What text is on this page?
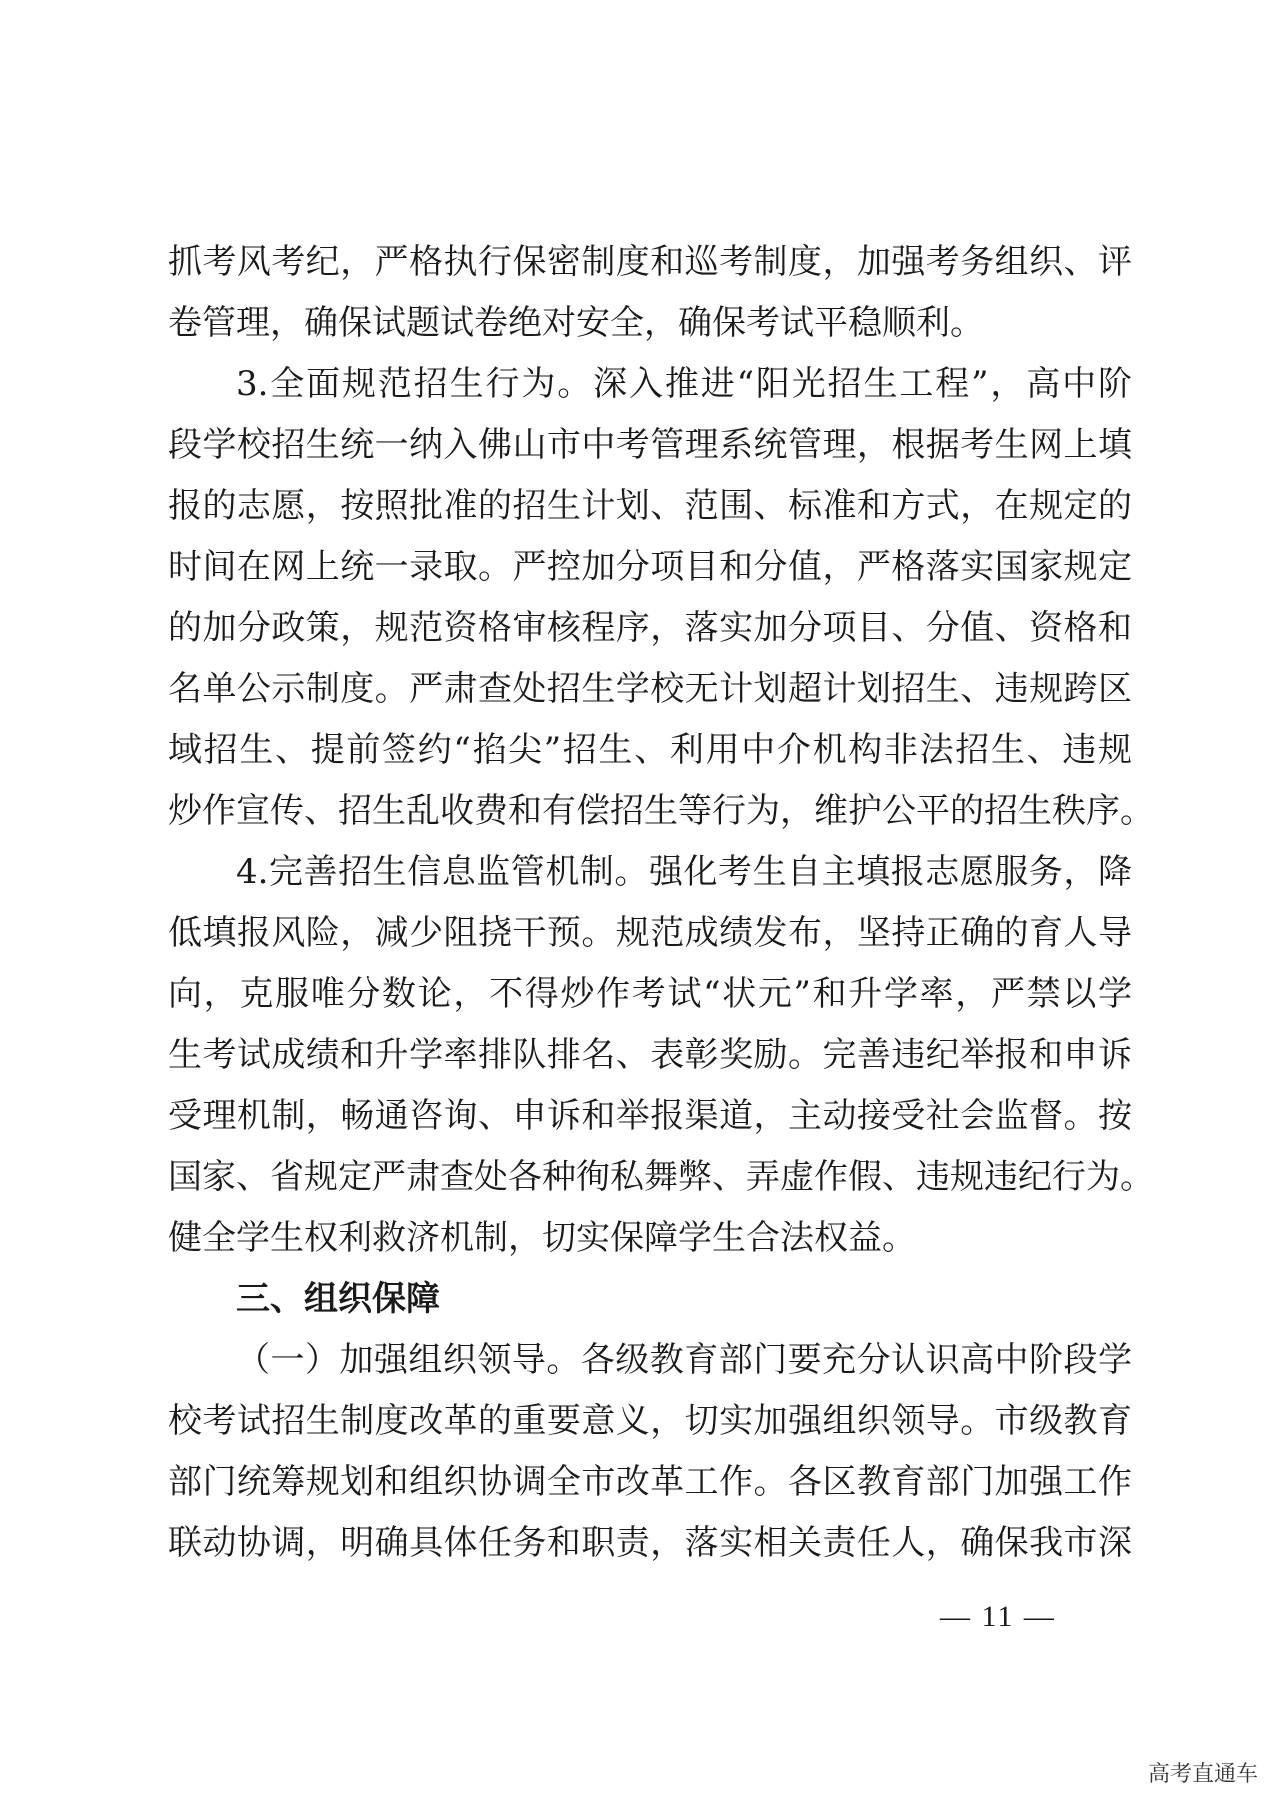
抓考风考纪，严格执行保密制度和巡考制度，加强考务组织、评
卷管理，确保试题试卷绝对安全，确保考试平稳顺利。
3.全面规范招生行为。深入推进“阳光招生工程”，高中阶
段学校招生统一纳入佛山市中考管理系统管理，根据考生网上填
报的志愿，按照批准的招生计划、范围、标准和方式，在规定的
时间在网上统一录取。严控加分项目和分值，严格落实国家规定
的加分政策，规范资格审核程序，落实加分项目、分值、资格和
名单公示制度。严肃查处招生学校无计划超计划招生、违规跨区
域招生、提前签约“掐尖”招生、利用中介机构非法招生、违规
炒作宣传、招生乱收费和有偿招生等行为，维护公平的招生秩序。
4.完善招生信息监管机制。强化考生自主填报志愿服务，降
低填报风险，减少阻挠干预。规范成绩发布，坚持正确的育人导
向，克服唯分数论，不得炒作考试“状元”和升学率，严禁以学
生考试成绩和升学率排队排名、表彰奖励。完善违纪举报和申诉
受理机制，畅通咨询、申诉和举报渠道，主动接受社会监督。按
国家、省规定严肃查处各种徇私舞弊、弄虚作假、违规违纪行为。
健全学生权利救济机制，切实保障学生合法权益。
三、组织保障
（一）加强组织领导。各级教育部门要充分认识高中阶段学
校考试招生制度改革的重要意义，切实加强组织领导。市级教育
部门统筹规划和组织协调全市改革工作。各区教育部门加强工作
联动协调，明确具体任务和职责，落实相关责任人，确保我市深
— 11 —
高考直通车
